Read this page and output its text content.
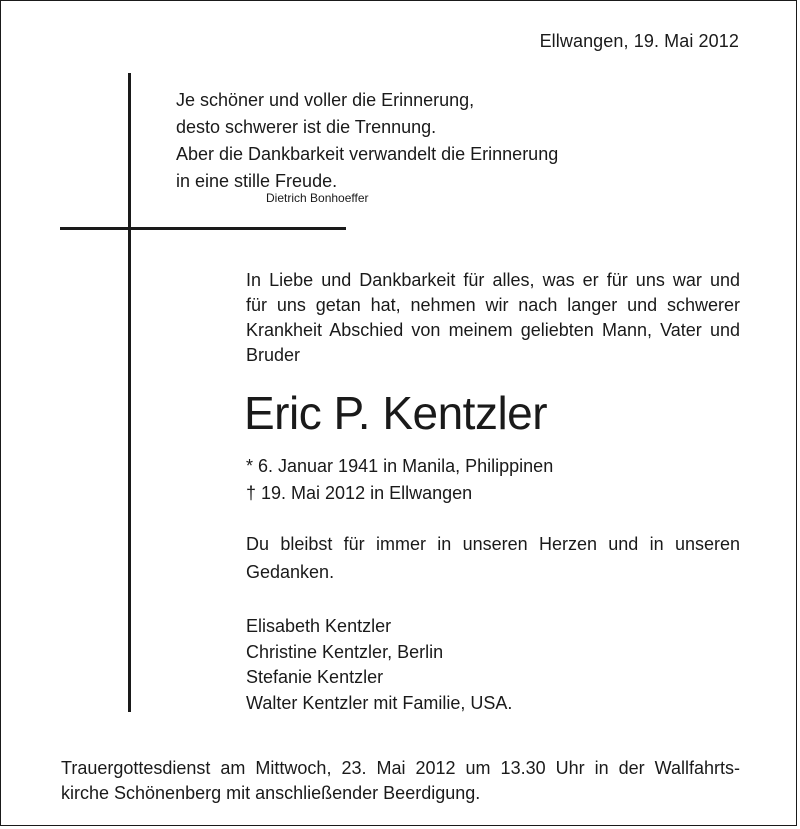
Ellwangen, 19. Mai 2012

Je schöner und voller die Erinnerung,
desto schwerer ist die Trennung.
Aber die Dankbarkeit verwandelt die Erinnerung
in eine stille Freude.

Dietrich Bonhoeffer
In Liebe und Dankbarkeit für alles, was er für uns war und
für uns getan hat, nehmen wir nach langer und schwerer
Krankheit Abschied von meinem geliebten Mann, Vater und
Bruder
Eric P. Kentzler
* 6. Januar 1941 in Manila, Philippinen
† 19. Mai 2012 in Ellwangen
Du bleibst für immer in unseren Herzen und in unseren
Gedanken.
Elisabeth Kentzler
Christine Kentzler, Berlin
Stefanie Kentzler
Walter Kentzler mit Familie, USA.
Trauergottesdienst am Mittwoch, 23. Mai 2012 um 13.30 Uhr in der Wallfahrts-
kirche Schönenberg mit anschließender Beerdigung.
